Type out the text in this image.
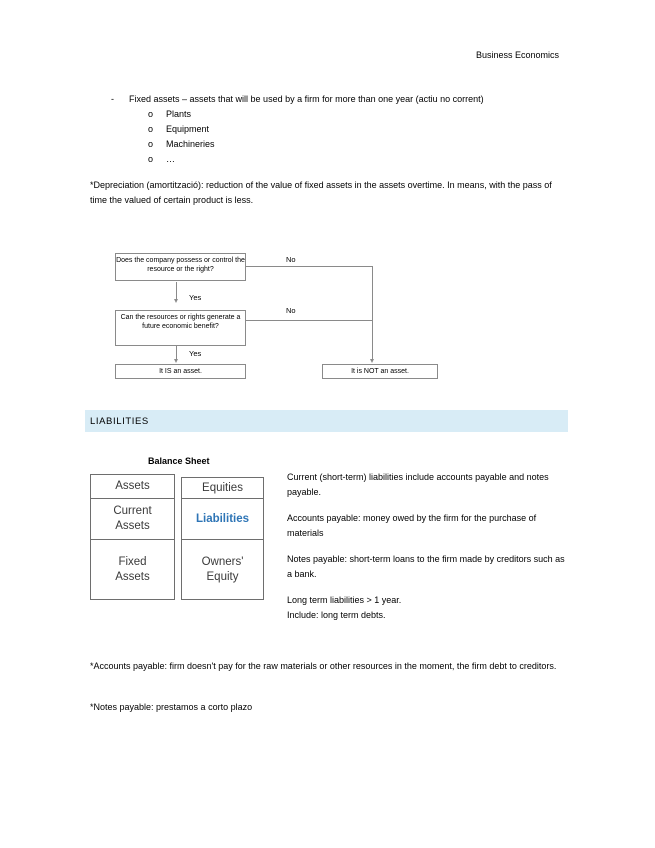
Business Economics
- Fixed assets – assets that will be used by a firm for more than one year (actiu no corrent)
o Plants
o Equipment
o Machineries
o …
*Depreciation (amortització): reduction of the value of fixed assets in the assets overtime. In means, with the pass of time the valued of certain product is less.
Does the company possess or control the resource or the right?
No
Yes
Can the resources or rights generate a future economic benefit?
No
Yes
It IS an asset.	It is NOT an asset.
LIABILITIES
Balance Sheet
Assets
Current Assets
Fixed Assets
Equities
Liabilities
Owners' Equity
Current (short-term) liabilities include accounts payable and notes payable.
Accounts payable: money owed by the firm for the purchase of materials
Notes payable: short-term loans to the firm made by creditors such as a bank.
Long term liabilities > 1 year.
Include: long term debts.
*Accounts payable: firm doesn't pay for the raw materials or other resources in the moment, the firm debt to creditors.
*Notes payable: prestamos a corto plazo
